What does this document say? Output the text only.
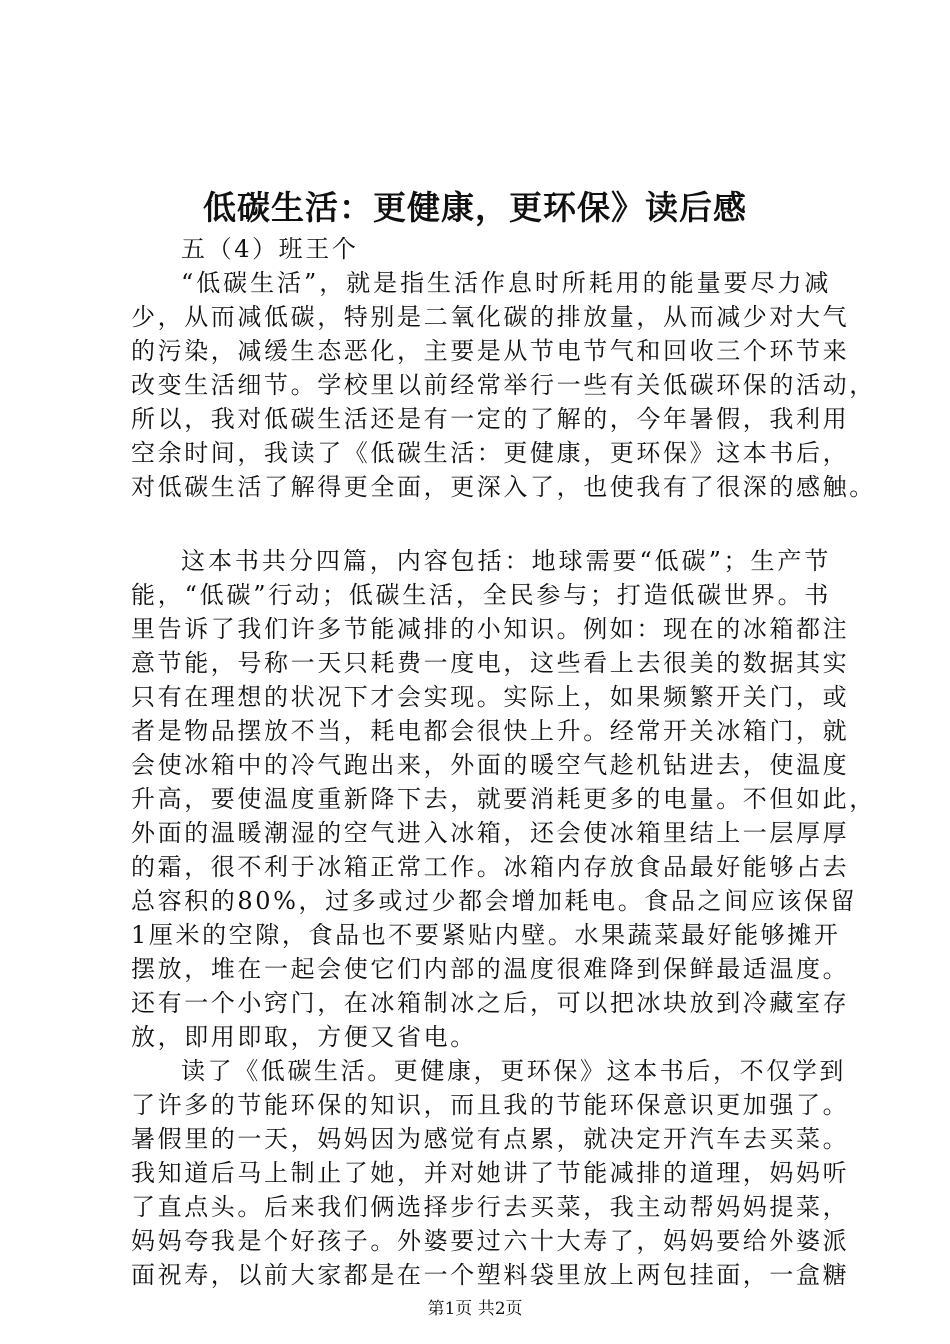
低碳生活：更健康，更环保》读后感
五（4）班王个
“低碳生活”，就是指生活作息时所耗用的能量要尽力减
少，从而减低碳，特别是二氧化碳的排放量，从而减少对大气
的污染，减缓生态恶化，主要是从节电节气和回收三个环节来
改变生活细节。学校里以前经常举行一些有关低碳环保的活动，
所以，我对低碳生活还是有一定的了解的，今年暑假，我利用
空余时间，我读了《低碳生活：更健康，更环保》这本书后，
对低碳生活了解得更全面，更深入了，也使我有了很深的感触。
这本书共分四篇，内容包括：地球需要“低碳”；生产节
能，“低碳”行动；低碳生活，全民参与；打造低碳世界。书
里告诉了我们许多节能减排的小知识。例如：现在的冰箱都注
意节能，号称一天只耗费一度电，这些看上去很美的数据其实
只有在理想的状况下才会实现。实际上，如果频繁开关门，或
者是物品摆放不当，耗电都会很快上升。经常开关冰箱门，就
会使冰箱中的冷气跑出来，外面的暖空气趁机钻进去，使温度
升高，要使温度重新降下去，就要消耗更多的电量。不但如此，
外面的温暖潮湿的空气进入冰箱，还会使冰箱里结上一层厚厚
的霜，很不利于冰箱正常工作。冰箱内存放食品最好能够占去
总容积的80%，过多或过少都会增加耗电。食品之间应该保留
1厘米的空隙，食品也不要紧贴内壁。水果蔬菜最好能够摊开
摆放，堆在一起会使它们内部的温度很难降到保鲜最适温度。
还有一个小窍门，在冰箱制冰之后，可以把冰块放到冷藏室存
放，即用即取，方便又省电。
读了《低碳生活。更健康，更环保》这本书后，不仅学到
了许多的节能环保的知识，而且我的节能环保意识更加强了。
暑假里的一天，妈妈因为感觉有点累，就决定开汽车去买菜。
我知道后马上制止了她，并对她讲了节能减排的道理，妈妈听
了直点头。后来我们俩选择步行去买菜，我主动帮妈妈提菜，
妈妈夸我是个好孩子。外婆要过六十大寿了，妈妈要给外婆派
面祝寿，以前大家都是在一个塑料袋里放上两包挂面，一盒糖
第1页 共2页
